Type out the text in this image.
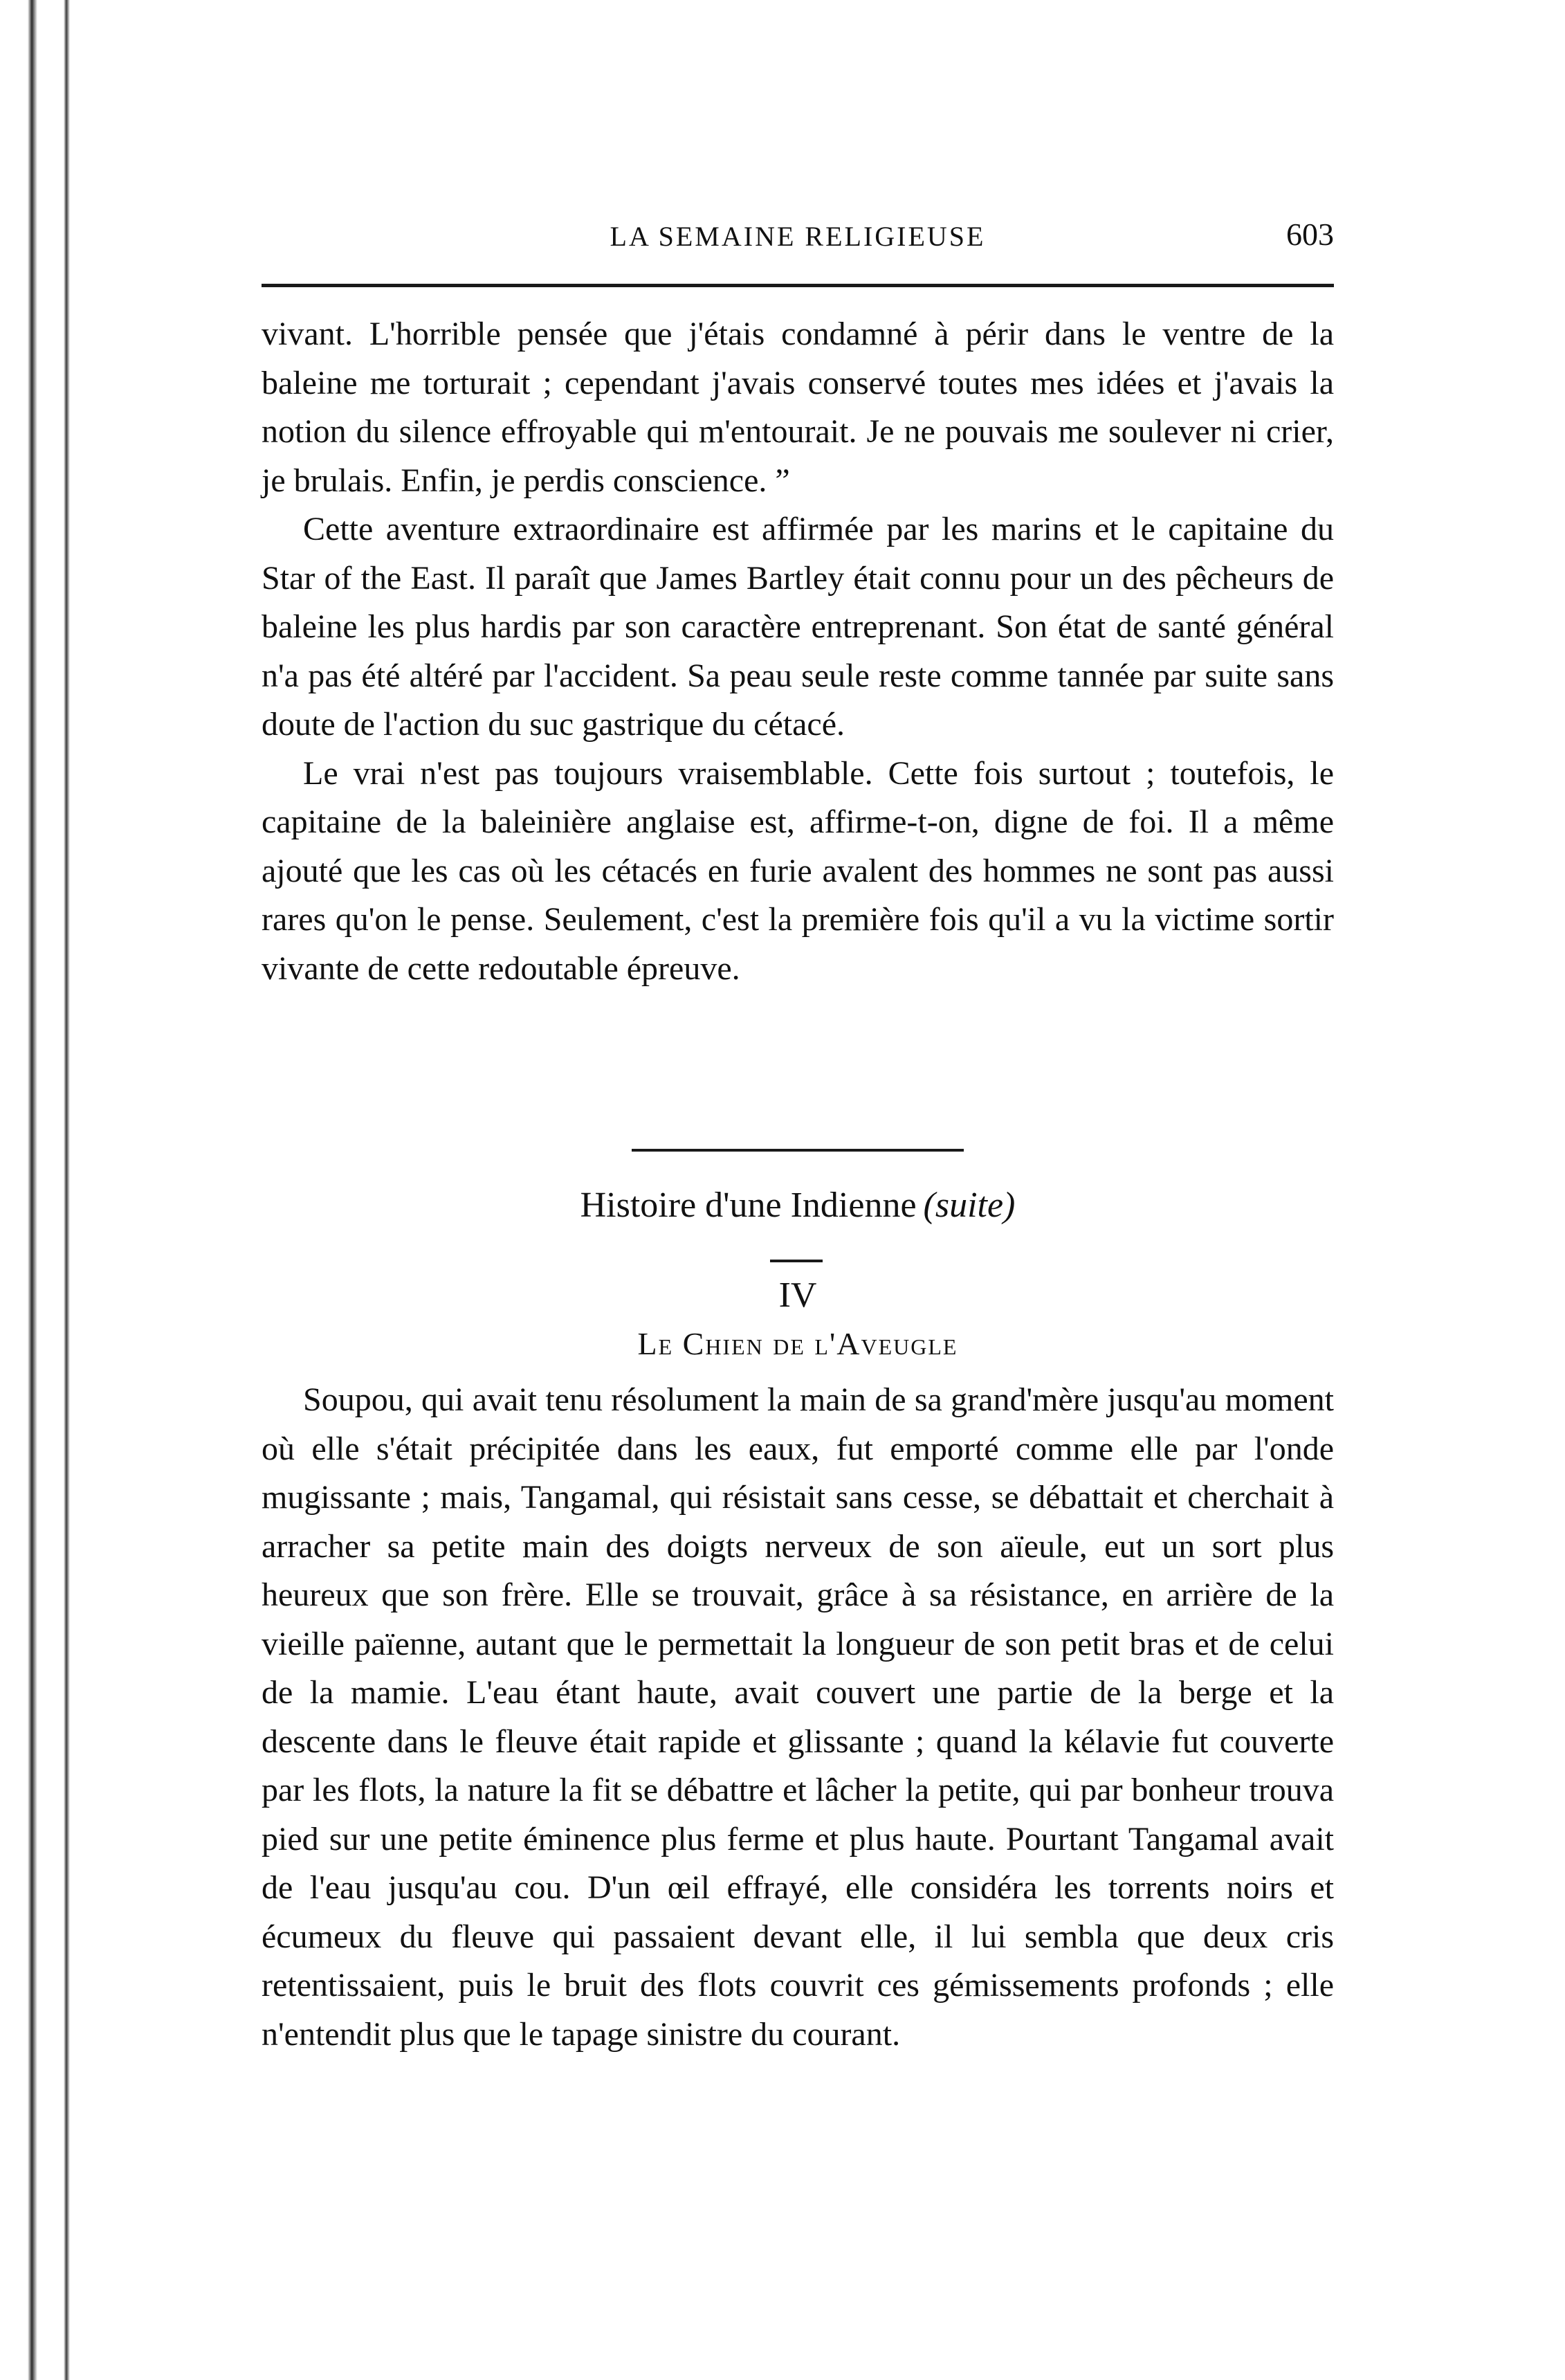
LA SEMAINE RELIGIEUSE	603

vivant. L'horrible pensée que j'étais condamné à périr dans le ventre de la baleine me torturait ; cependant j'avais conservé toutes mes idées et j'avais la notion du silence effroyable qui m'entourait. Je ne pouvais me soulever ni crier, je brulais. Enfin, je perdis conscience. ”

Cette aventure extraordinaire est affirmée par les marins et le capitaine du Star of the East. Il paraît que James Bartley était connu pour un des pêcheurs de baleine les plus hardis par son caractère entreprenant. Son état de santé général n'a pas été altéré par l'accident. Sa peau seule reste comme tannée par suite sans doute de l'action du suc gastrique du cétacé.

Le vrai n'est pas toujours vraisemblable. Cette fois surtout ; toutefois, le capitaine de la baleinière anglaise est, affirme-t-on, digne de foi. Il a même ajouté que les cas où les cétacés en furie avalent des hommes ne sont pas aussi rares qu'on le pense. Seulement, c'est la première fois qu'il a vu la victime sortir vivante de cette redoutable épreuve.

Histoire d'une Indienne (suite)
IV
Le Chien de l'Aveugle

Soupou, qui avait tenu résolument la main de sa grand'mère jusqu'au moment où elle s'était précipitée dans les eaux, fut emporté comme elle par l'onde mugissante ; mais, Tangamal, qui résistait sans cesse, se débattait et cherchait à arracher sa petite main des doigts nerveux de son aïeule, eut un sort plus heureux que son frère. Elle se trouvait, grâce à sa résistance, en arrière de la vieille païenne, autant que le permettait la longueur de son petit bras et de celui de la mamie. L'eau étant haute, avait couvert une partie de la berge et la descente dans le fleuve était rapide et glissante ; quand la kélavie fut couverte par les flots, la nature la fit se débattre et lâcher la petite, qui par bonheur trouva pied sur une petite éminence plus ferme et plus haute. Pourtant Tangamal avait de l'eau jusqu'au cou. D'un œil effrayé, elle considéra les torrents noirs et écumeux du fleuve qui passaient devant elle, il lui sembla que deux cris retentissaient, puis le bruit des flots couvrit ces gémissements profonds ; elle n'entendit plus que le tapage sinistre du courant.
